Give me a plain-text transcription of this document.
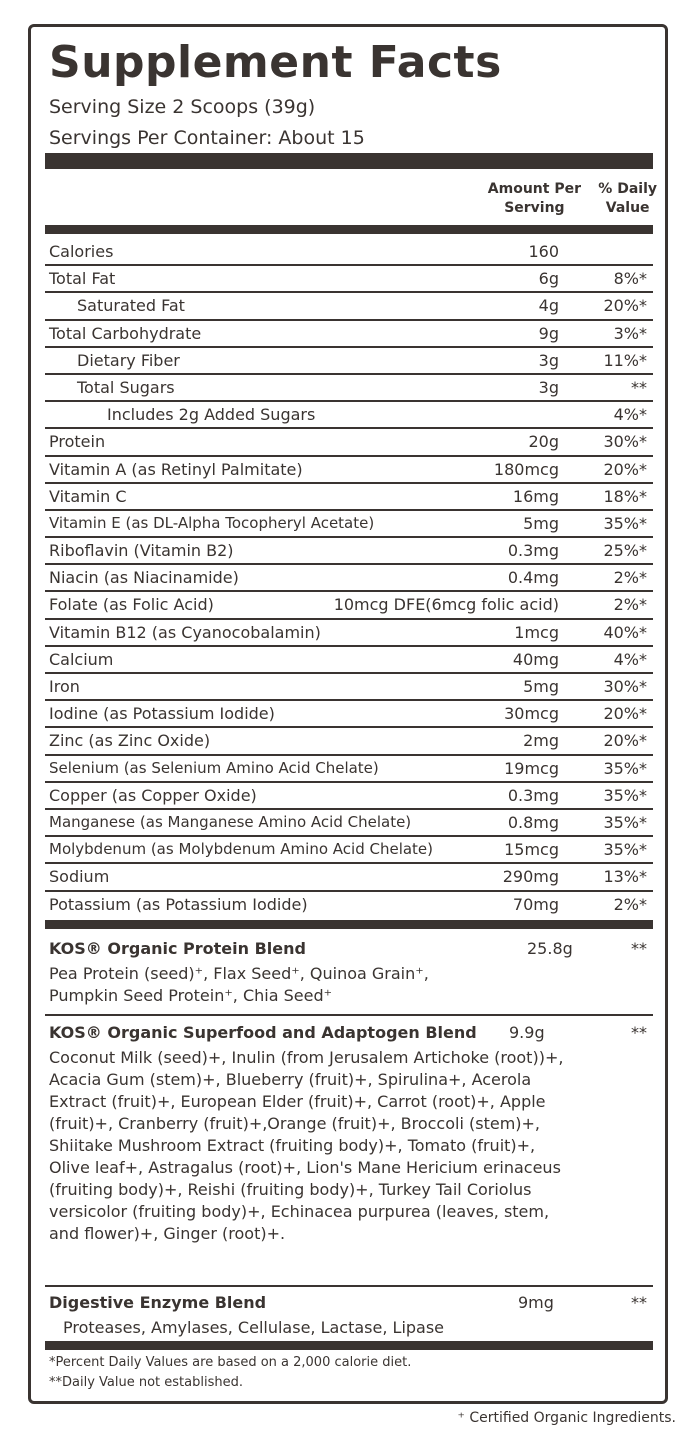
Supplement Facts
Serving Size 2 Scoops (39g)
Servings Per Container: About 15
Amount Per
Serving
% Daily
Value
Calories	160
Total Fat	6g	8%*
Saturated Fat	4g	20%*
Total Carbohydrate	9g	3%*
Dietary Fiber	3g	11%*
Total Sugars	3g	**
Includes 2g Added Sugars	4%*
Protein	20g	30%*
Vitamin A (as Retinyl Palmitate)	180mcg	20%*
Vitamin C	16mg	18%*
Vitamin E (as DL-Alpha Tocopheryl Acetate)	5mg	35%*
Riboflavin (Vitamin B2)	0.3mg	25%*
Niacin (as Niacinamide)	0.4mg	2%*
Folate (as Folic Acid)	10mcg DFE(6mcg folic acid)	2%*
Vitamin B12 (as Cyanocobalamin)	1mcg	40%*
Calcium	40mg	4%*
Iron	5mg	30%*
Iodine (as Potassium Iodide)	30mcg	20%*
Zinc (as Zinc Oxide)	2mg	20%*
Selenium (as Selenium Amino Acid Chelate)	19mcg	35%*
Copper (as Copper Oxide)	0.3mg	35%*
Manganese (as Manganese Amino Acid Chelate)	0.8mg	35%*
Molybdenum (as Molybdenum Amino Acid Chelate)	15mcg	35%*
Sodium	290mg	13%*
Potassium (as Potassium Iodide)	70mg	2%*
KOS® Organic Protein Blend	25.8g	**
Pea Protein (seed)⁺, Flax Seed⁺, Quinoa Grain⁺, Pumpkin Seed Protein⁺, Chia Seed⁺
KOS® Organic Superfood and Adaptogen Blend 9.9g	**
Coconut Milk (seed)+, Inulin (from Jerusalem Artichoke (root))+, Acacia Gum (stem)+, Blueberry (fruit)+, Spirulina+, Acerola Extract (fruit)+, European Elder (fruit)+, Carrot (root)+, Apple (fruit)+, Cranberry (fruit)+,Orange (fruit)+, Broccoli (stem)+, Shiitake Mushroom Extract (fruiting body)+, Tomato (fruit)+, Olive leaf+, Astragalus (root)+, Lion's Mane Hericium erinaceus (fruiting body)+, Reishi (fruiting body)+, Turkey Tail Coriolus versicolor (fruiting body)+, Echinacea purpurea (leaves, stem, and flower)+, Ginger (root)+.
Digestive Enzyme Blend	9mg	**
Proteases, Amylases, Cellulase, Lactase, Lipase
*Percent Daily Values are based on a 2,000 calorie diet.
**Daily Value not established.
⁺ Certified Organic Ingredients.
